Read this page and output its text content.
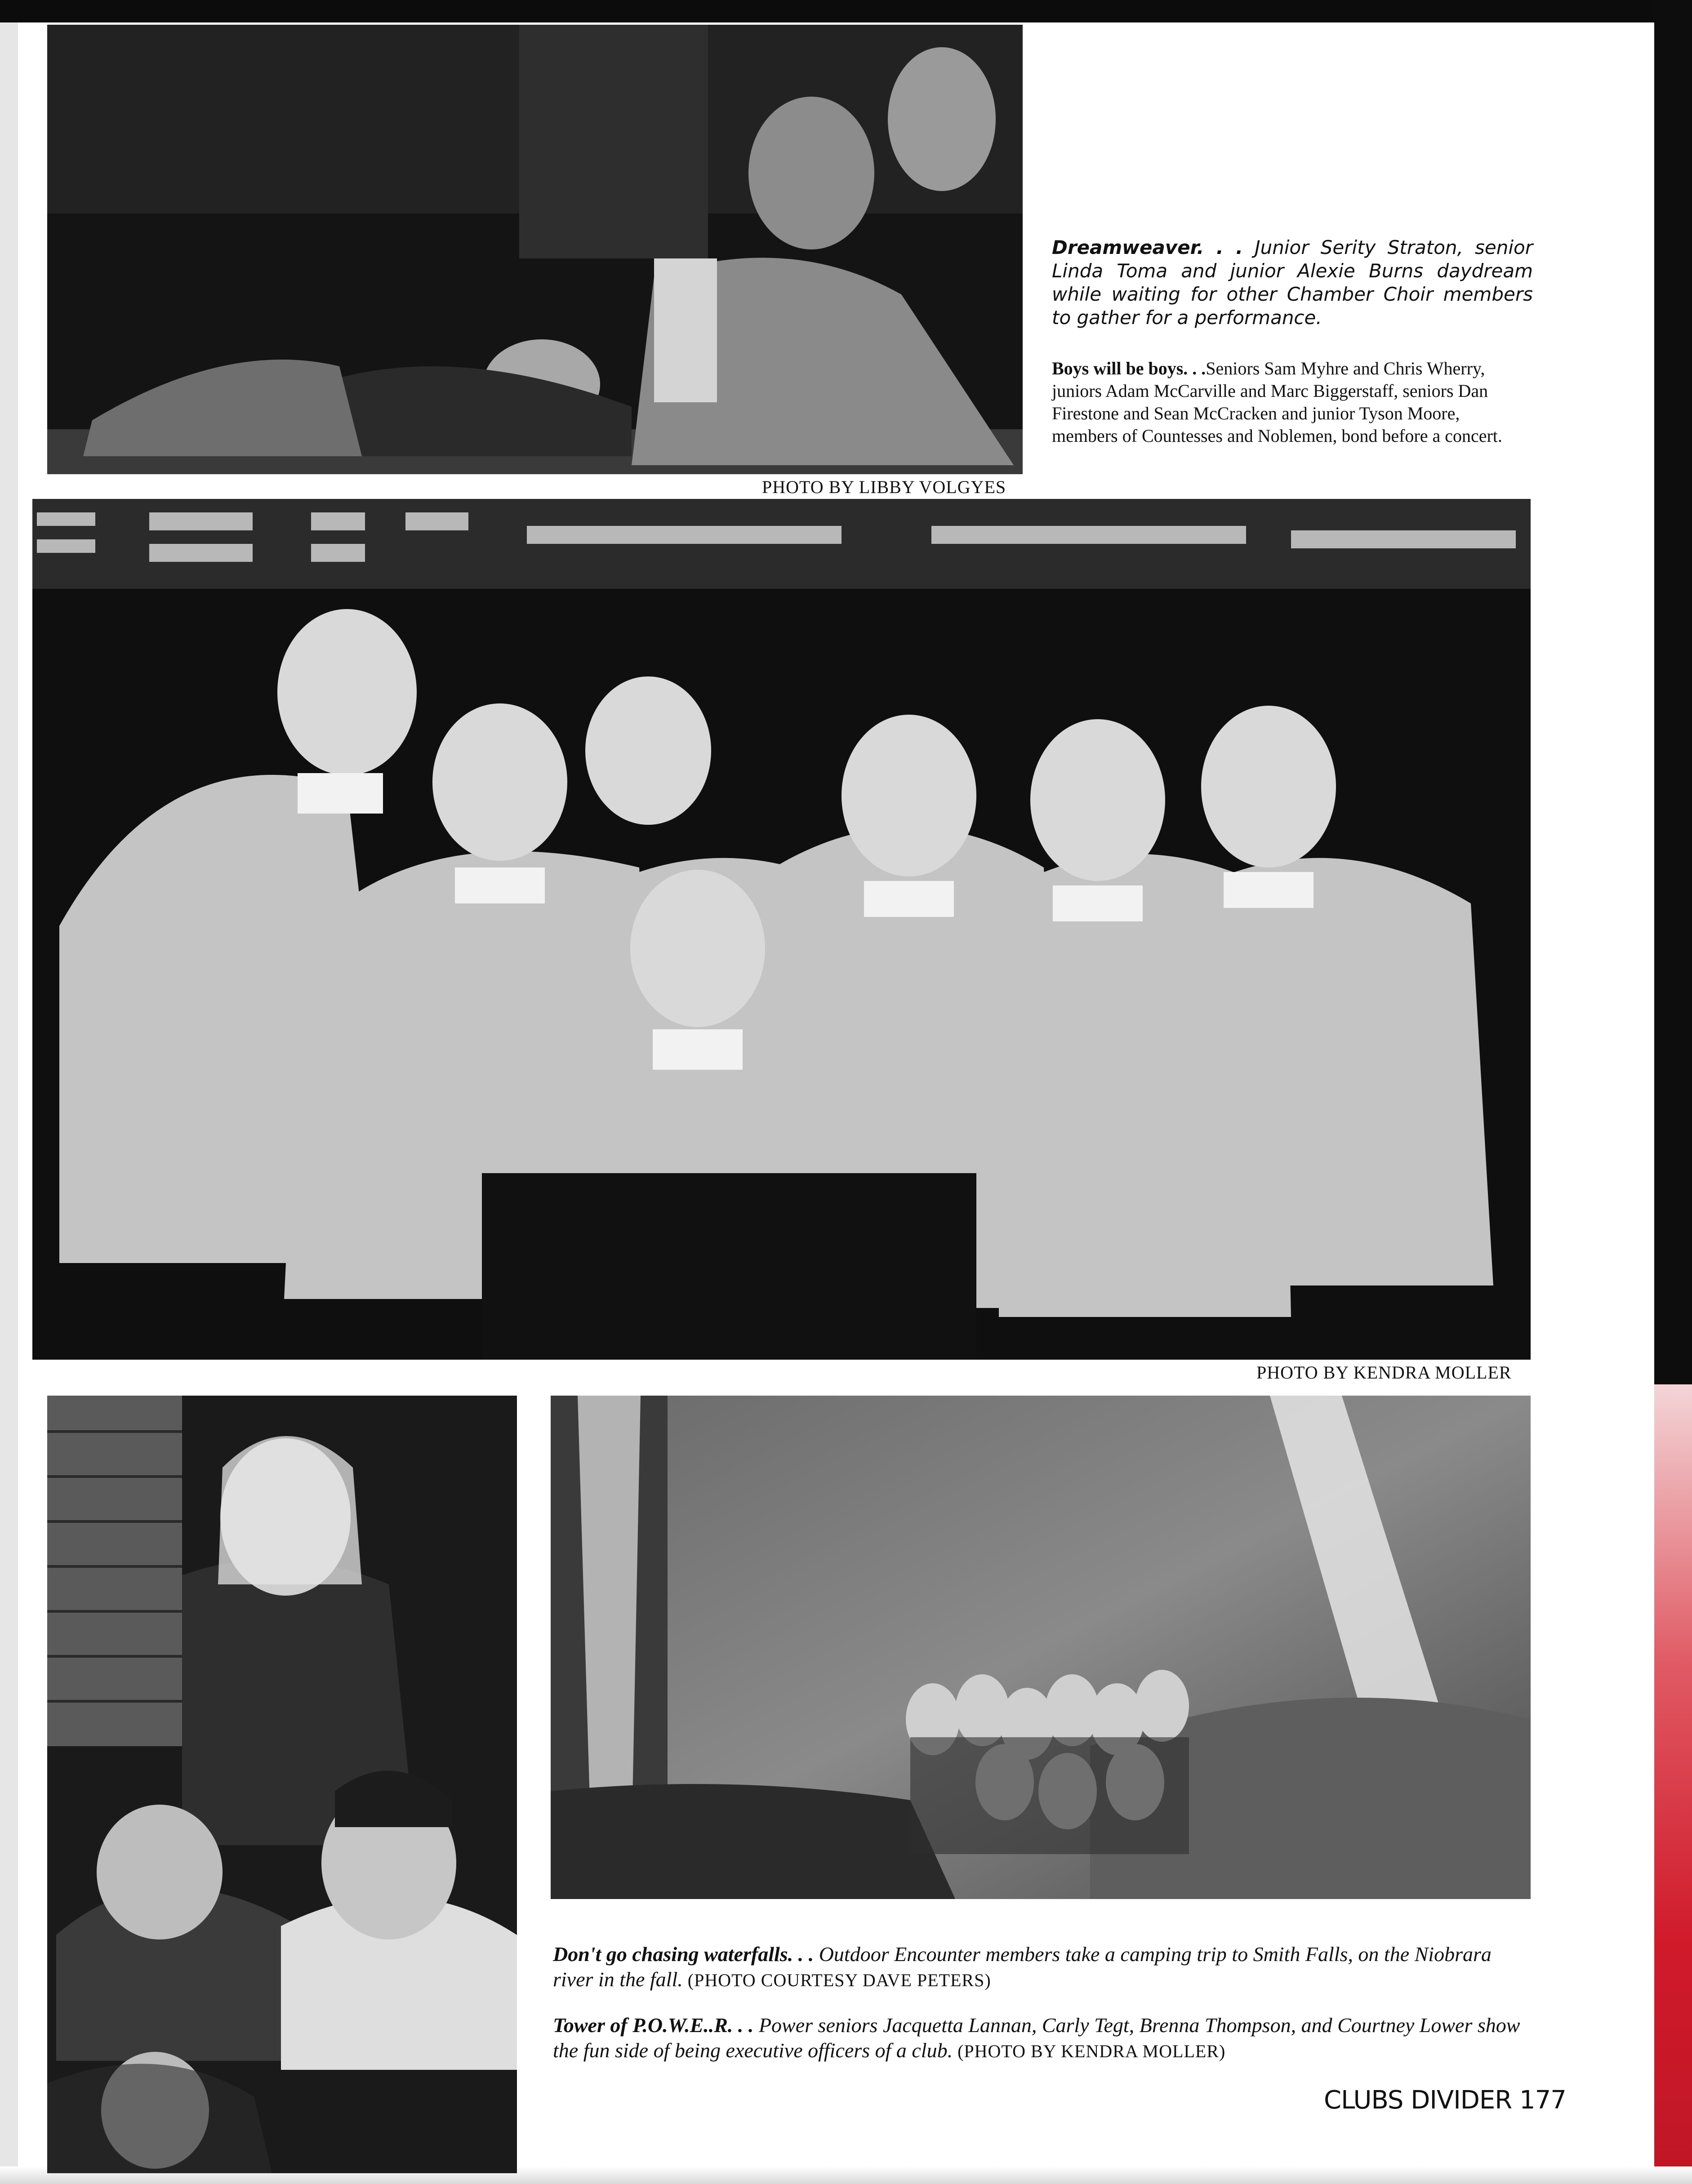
PHOTO BY LIBBY VOLGYES
Dreamweaver. . . Junior Serity Straton, senior Linda Toma and junior Alexie Burns daydream while waiting for other Chamber Choir members to gather for a performance.
Boys will be boys. . .Seniors Sam Myhre and Chris Wherry, juniors Adam McCarville and Marc Biggerstaff, seniors Dan Firestone and Sean McCracken and junior Tyson Moore, members of Countesses and Noblemen, bond before a concert.
PHOTO BY KENDRA MOLLER
Don't go chasing waterfalls. . . Outdoor Encounter members take a camping trip to Smith Falls, on the Niobrara river in the fall. (PHOTO COURTESY DAVE PETERS)
Tower of P.O.W.E..R. . . Power seniors Jacquetta Lannan, Carly Tegt, Brenna Thompson, and Courtney Lower show the fun side of being executive officers of a club. (PHOTO BY KENDRA MOLLER)
CLUBS DIVIDER 177
